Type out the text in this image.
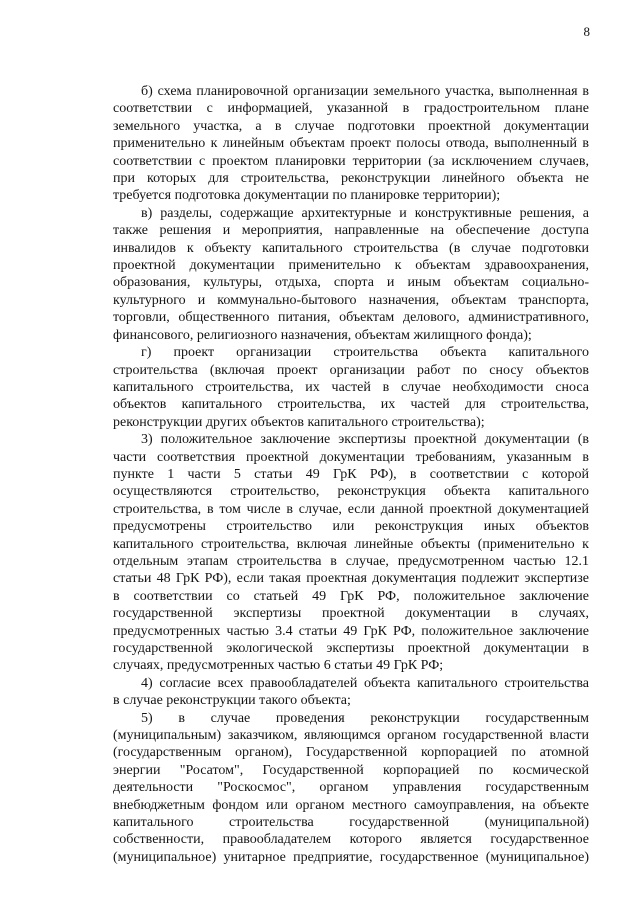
8
б) схема планировочной организации земельного участка, выполненная в
соответствии с информацией, указанной в градостроительном плане
земельного участка, а в случае подготовки проектной документации
применительно к линейным объектам проект полосы отвода, выполненный в
соответствии с проектом планировки территории (за исключением случаев,
при которых для строительства, реконструкции линейного объекта не
требуется подготовка документации по планировке территории);
в) разделы, содержащие архитектурные и конструктивные решения, а
также решения и мероприятия, направленные на обеспечение доступа
инвалидов к объекту капитального строительства (в случае подготовки
проектной документации применительно к объектам здравоохранения,
образования, культуры, отдыха, спорта и иным объектам социально-
культурного и коммунально-бытового назначения, объектам транспорта,
торговли, общественного питания, объектам делового, административного,
финансового, религиозного назначения, объектам жилищного фонда);
г) проект организации строительства объекта капитального
строительства (включая проект организации работ по сносу объектов
капитального строительства, их частей в случае необходимости сноса
объектов капитального строительства, их частей для строительства,
реконструкции других объектов капитального строительства);
3) положительное заключение экспертизы проектной документации (в
части соответствия проектной документации требованиям, указанным в
пункте 1 части 5 статьи 49 ГрК РФ), в соответствии с которой
осуществляются строительство, реконструкция объекта капитального
строительства, в том числе в случае, если данной проектной документацией
предусмотрены строительство или реконструкция иных объектов
капитального строительства, включая линейные объекты (применительно к
отдельным этапам строительства в случае, предусмотренном частью 12.1
статьи 48 ГрК РФ), если такая проектная документация подлежит экспертизе
в соответствии со статьей 49 ГрК РФ, положительное заключение
государственной экспертизы проектной документации в случаях,
предусмотренных частью 3.4 статьи 49 ГрК РФ, положительное заключение
государственной экологической экспертизы проектной документации в
случаях, предусмотренных частью 6 статьи 49 ГрК РФ;
4) согласие всех правообладателей объекта капитального строительства
в случае реконструкции такого объекта;
5) в случае проведения реконструкции государственным
(муниципальным) заказчиком, являющимся органом государственной власти
(государственным органом), Государственной корпорацией по атомной
энергии "Росатом", Государственной корпорацией по космической
деятельности "Роскосмос", органом управления государственным
внебюджетным фондом или органом местного самоуправления, на объекте
капитального строительства государственной (муниципальной)
собственности, правообладателем которого является государственное
(муниципальное) унитарное предприятие, государственное (муниципальное)
